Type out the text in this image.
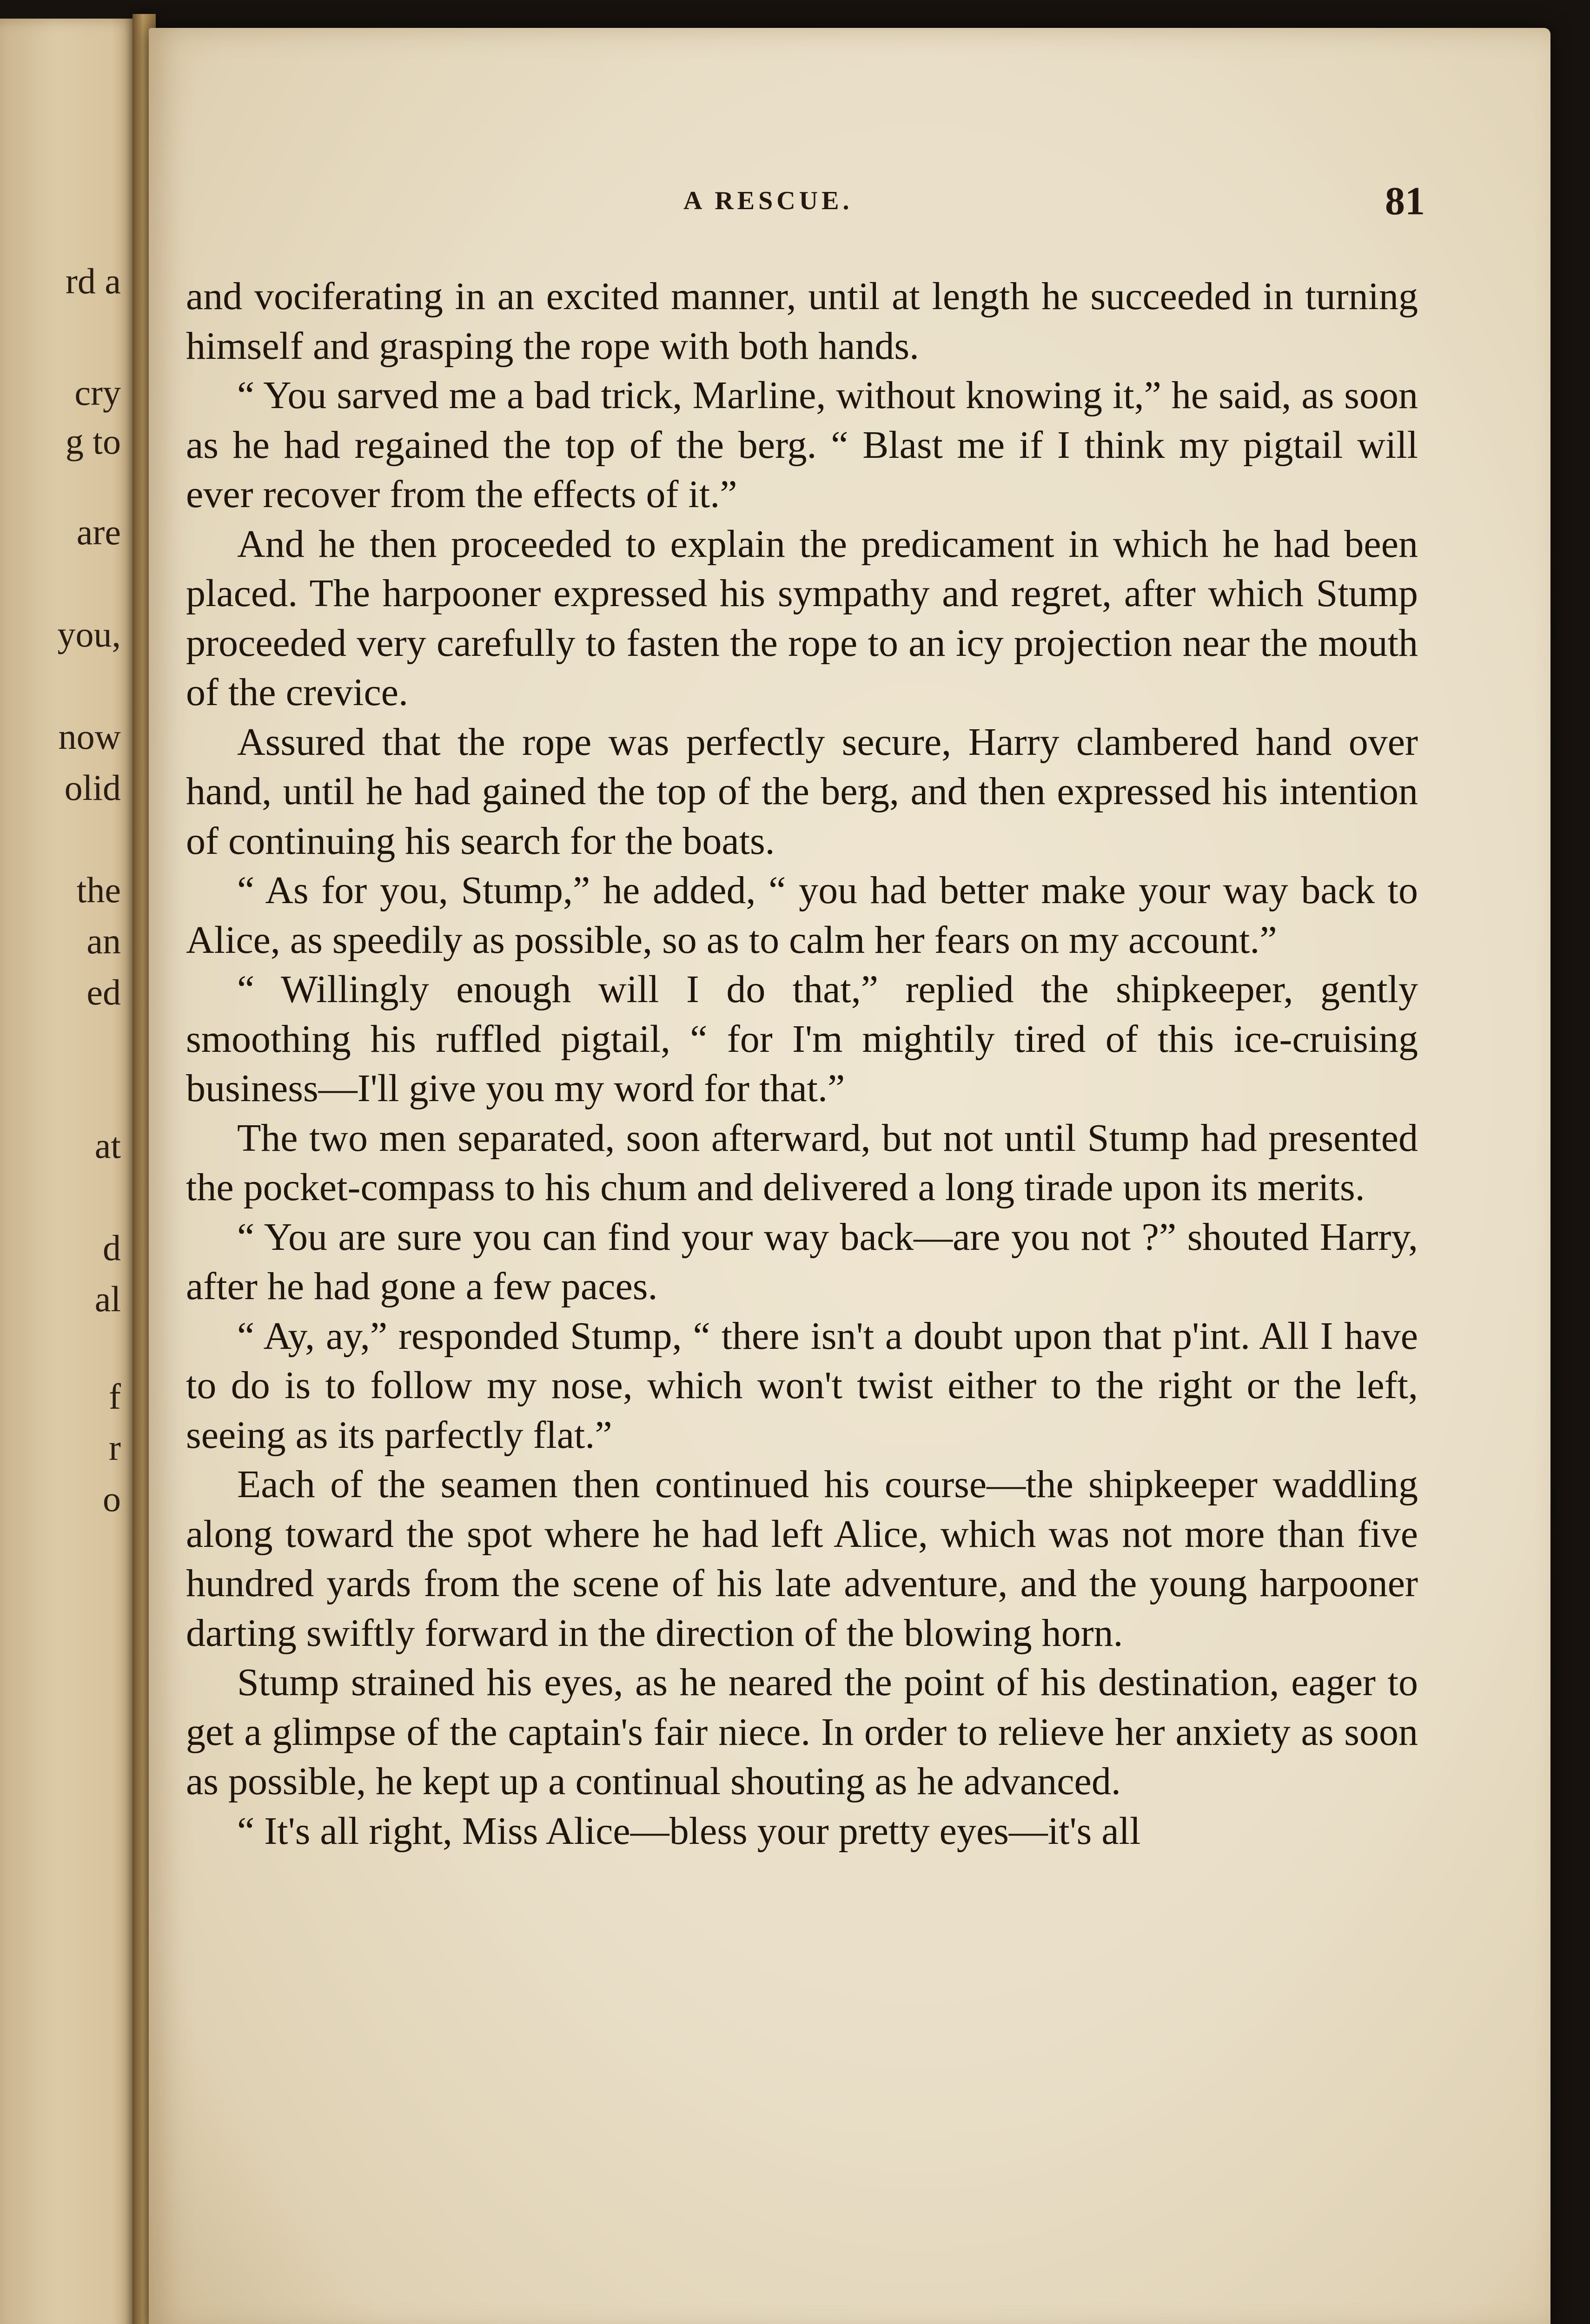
rd a
cry
g to
are
you,
now
olid
the
an
ed
at
d
al
f
r
o
A RESCUE.	81

and vociferating in an excited manner, until at length he succeeded in turning himself and grasping the rope with both hands.

“ You sarved me a bad trick, Marline, without knowing it,” he said, as soon as he had regained the top of the berg. “ Blast me if I think my pigtail will ever recover from the effects of it.”

And he then proceeded to explain the predicament in which he had been placed. The harpooner expressed his sympathy and regret, after which Stump proceeded very carefully to fasten the rope to an icy projection near the mouth of the crevice.

Assured that the rope was perfectly secure, Harry clambered hand over hand, until he had gained the top of the berg, and then expressed his intention of continuing his search for the boats.

“ As for you, Stump,” he added, “ you had better make your way back to Alice, as speedily as possible, so as to calm her fears on my account.”

“ Willingly enough will I do that,” replied the shipkeeper, gently smoothing his ruffled pigtail, “ for I'm mightily tired of this ice-cruising business—I'll give you my word for that.”

The two men separated, soon afterward, but not until Stump had presented the pocket-compass to his chum and delivered a long tirade upon its merits.

“ You are sure you can find your way back—are you not ?” shouted Harry, after he had gone a few paces.

“ Ay, ay,” responded Stump, “ there isn't a doubt upon that p'int. All I have to do is to follow my nose, which won't twist either to the right or the left, seeing as its parfectly flat.”

Each of the seamen then continued his course—the shipkeeper waddling along toward the spot where he had left Alice, which was not more than five hundred yards from the scene of his late adventure, and the young harpooner darting swiftly forward in the direction of the blowing horn.

Stump strained his eyes, as he neared the point of his destination, eager to get a glimpse of the captain's fair niece. In order to relieve her anxiety as soon as possible, he kept up a continual shouting as he advanced.

“ It's all right, Miss Alice—bless your pretty eyes—it's all
